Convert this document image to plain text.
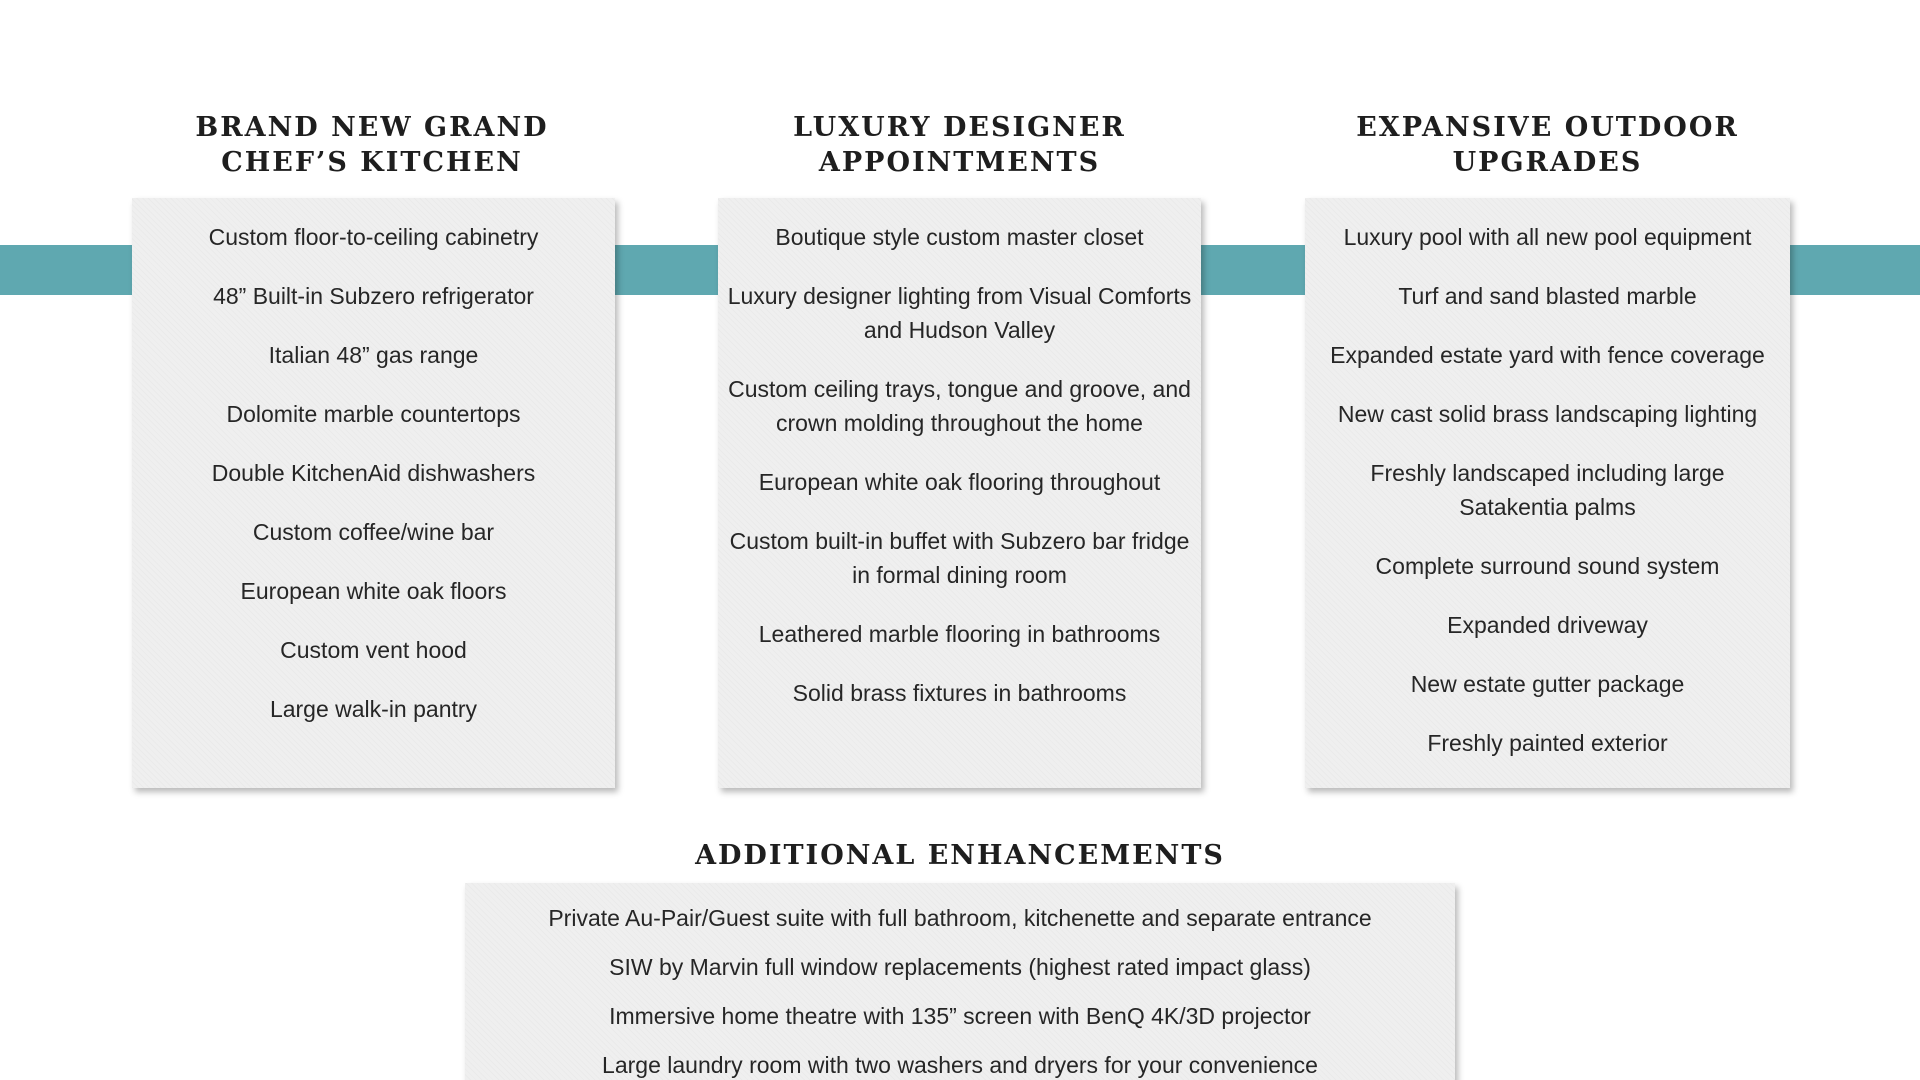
BRAND NEW GRAND
CHEF’S KITCHEN
Custom floor-to-ceiling cabinetry
48” Built-in Subzero refrigerator
Italian 48” gas range
Dolomite marble countertops
Double KitchenAid dishwashers
Custom coffee/wine bar
European white oak floors
Custom vent hood
Large walk-in pantry
LUXURY DESIGNER
APPOINTMENTS
Boutique style custom master closet
Luxury designer lighting from Visual Comforts and Hudson Valley
Custom ceiling trays, tongue and groove, and crown molding throughout the home
European white oak flooring throughout
Custom built-in buffet with Subzero bar fridge in formal dining room
Leathered marble flooring in bathrooms
Solid brass fixtures in bathrooms
EXPANSIVE OUTDOOR
UPGRADES
Luxury pool with all new pool equipment
Turf and sand blasted marble
Expanded estate yard with fence coverage
New cast solid brass landscaping lighting
Freshly landscaped including large Satakentia palms
Complete surround sound system
Expanded driveway
New estate gutter package
Freshly painted exterior
ADDITIONAL ENHANCEMENTS
Private Au-Pair/Guest suite with full bathroom, kitchenette and separate entrance
SIW by Marvin full window replacements (highest rated impact glass)
Immersive home theatre with 135” screen with BenQ 4K/3D projector
Large laundry room with two washers and dryers for your convenience
